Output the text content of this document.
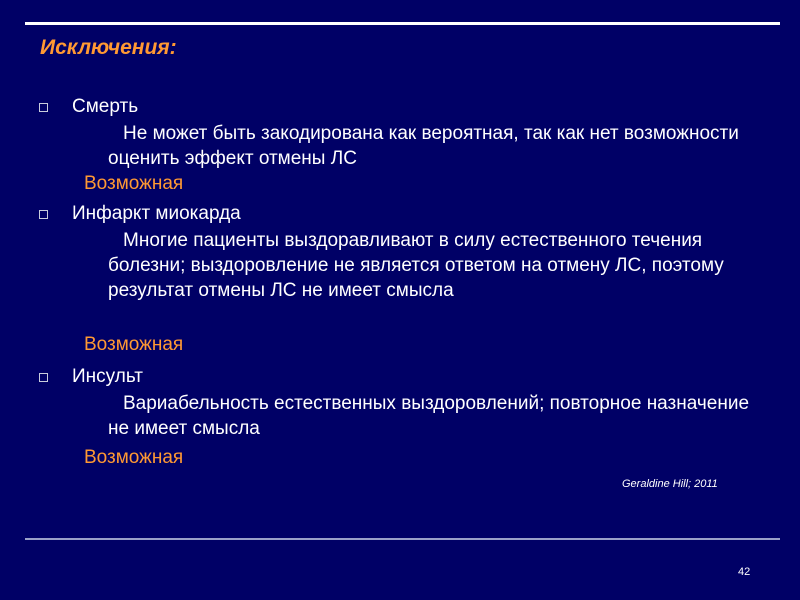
Исключения:
Смерть
Не может быть закодирована как вероятная, так как нет возможности оценить эффект отмены ЛС
Возможная
Инфаркт миокарда
Многие пациенты выздоравливают в силу естественного течения болезни; выздоровление не является ответом на отмену ЛС, поэтому результат отмены ЛС не имеет смысла
Возможная
Инсульт
Вариабельность естественных выздоровлений; повторное назначение не имеет смысла
Возможная
Geraldine Hill; 2011
42
